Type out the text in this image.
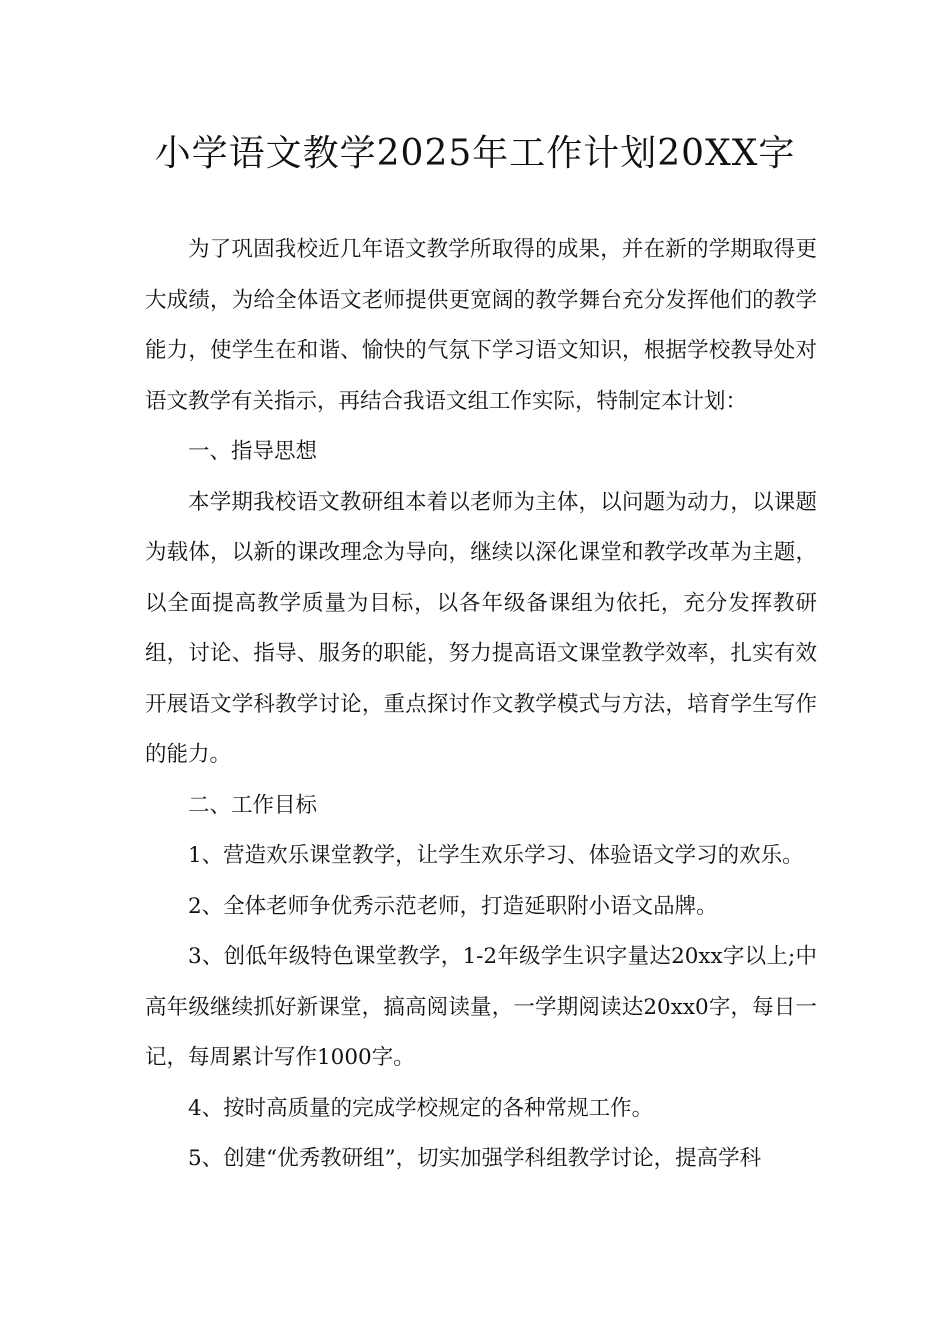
小学语文教学2025年工作计划20XX字

为了巩固我校近几年语文教学所取得的成果，并在新的学期取得更大成绩，为给全体语文老师提供更宽阔的教学舞台充分发挥他们的教学能力，使学生在和谐、愉快的气氛下学习语文知识，根据学校教导处对语文教学有关指示，再结合我语文组工作实际，特制定本计划：

一、指导思想

本学期我校语文教研组本着以老师为主体，以问题为动力，以课题为载体，以新的课改理念为导向，继续以深化课堂和教学改革为主题，以全面提高教学质量为目标，以各年级备课组为依托，充分发挥教研组，讨论、指导、服务的职能，努力提高语文课堂教学效率，扎实有效开展语文学科教学讨论，重点探讨作文教学模式与方法，培育学生写作的能力。

二、工作目标

1、营造欢乐课堂教学，让学生欢乐学习、体验语文学习的欢乐。

2、全体老师争优秀示范老师，打造延职附小语文品牌。

3、创低年级特色课堂教学，1-2年级学生识字量达20xx字以上;中高年级继续抓好新课堂，搞高阅读量，一学期阅读达20xx0字，每日一记，每周累计写作1000字。

4、按时高质量的完成学校规定的各种常规工作。

5、创建“优秀教研组”，切实加强学科组教学讨论，提高学科
